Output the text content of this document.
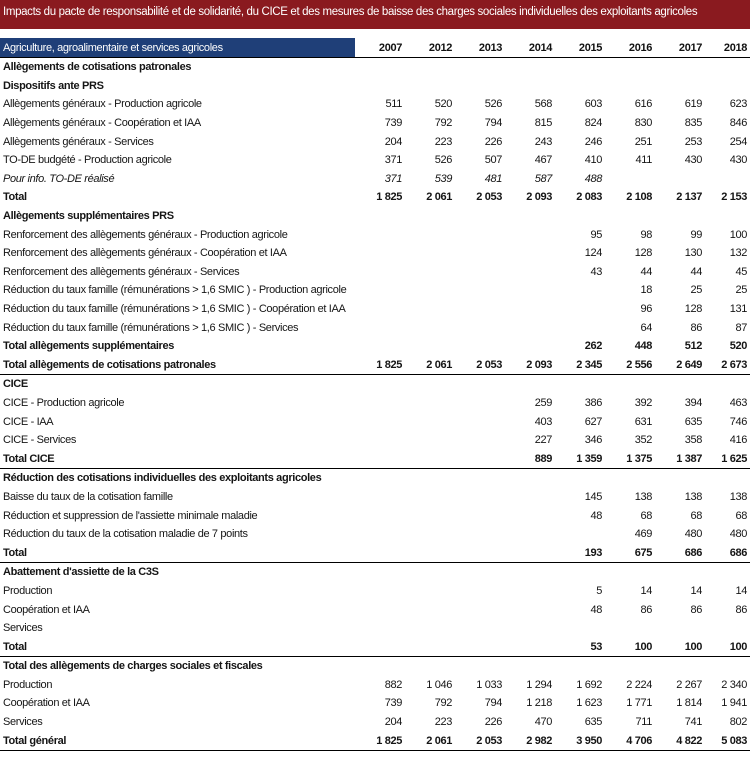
Impacts du pacte de responsabilité et de solidarité, du CICE et des mesures de baisse des charges sociales individuelles des exploitants agricoles
Agriculture, agroalimentaire et services agricoles	2007	2012	2013	2014	2015	2016	2017	2018
Allègements de cotisations patronales								
Dispositifs ante PRS								
Allègements généraux - Production agricole	511	520	526	568	603	616	619	623
Allègements généraux - Coopération et IAA	739	792	794	815	824	830	835	846
Allègements généraux - Services	204	223	226	243	246	251	253	254
TO-DE budgété - Production agricole	371	526	507	467	410	411	430	430
Pour info. TO-DE réalisé	371	539	481	587	488			
Total	1 825	2 061	2 053	2 093	2 083	2 108	2 137	2 153
Allègements supplémentaires PRS								
Renforcement des allègements généraux - Production agricole					95	98	99	100
Renforcement des allègements généraux - Coopération et IAA					124	128	130	132
Renforcement des allègements généraux - Services					43	44	44	45
Réduction du taux famille (rémunérations > 1,6 SMIC ) - Production agricole						18	25	25
Réduction du taux famille (rémunérations > 1,6 SMIC ) - Coopération et IAA						96	128	131
Réduction du taux famille (rémunérations > 1,6 SMIC ) - Services						64	86	87
Total allègements supplémentaires					262	448	512	520
Total allègements de cotisations patronales	1 825	2 061	2 053	2 093	2 345	2 556	2 649	2 673
CICE								
CICE - Production agricole				259	386	392	394	463
CICE - IAA				403	627	631	635	746
CICE - Services				227	346	352	358	416
Total CICE				889	1 359	1 375	1 387	1 625
Réduction des cotisations individuelles des exploitants agricoles								
Baisse du taux de la cotisation famille					145	138	138	138
Réduction et suppression de l'assiette minimale maladie					48	68	68	68
Réduction du taux de la cotisation maladie de 7 points						469	480	480
Total					193	675	686	686
Abattement d'assiette de la C3S								
Production					5	14	14	14
Coopération et IAA					48	86	86	86
Services								
Total					53	100	100	100
Total des allègements de charges sociales et fiscales								
Production	882	1 046	1 033	1 294	1 692	2 224	2 267	2 340
Coopération et IAA	739	792	794	1 218	1 623	1 771	1 814	1 941
Services	204	223	226	470	635	711	741	802
Total général	1 825	2 061	2 053	2 982	3 950	4 706	4 822	5 083
